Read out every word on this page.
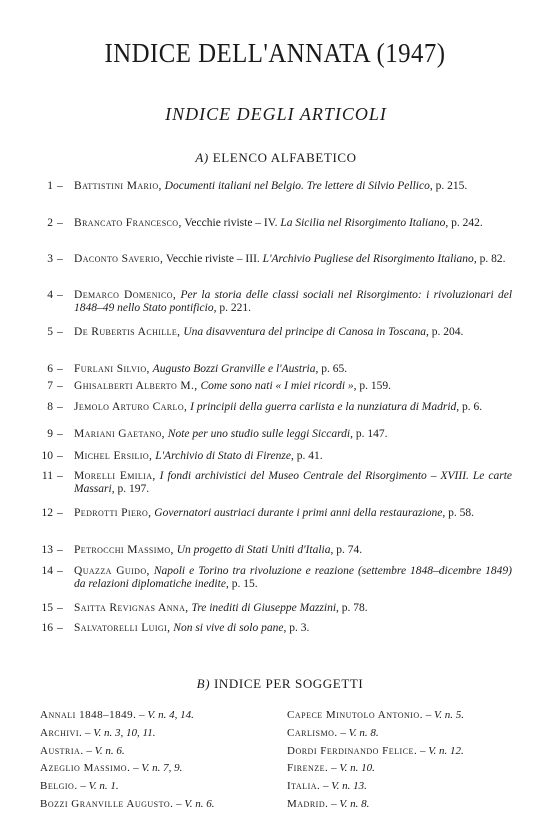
INDICE DELL'ANNATA (1947)
INDICE DEGLI ARTICOLI
A) ELENCO ALFABETICO
1 – Battistini Mario, Documenti italiani nel Belgio. Tre lettere di Silvio Pellico, p. 215.
2 – Brancato Francesco, Vecchie riviste – IV. La Sicilia nel Risorgimento Italiano, p. 242.
3 – Daconto Saverio, Vecchie riviste – III. L'Archivio Pugliese del Risorgimento Italiano, p. 82.
4 – Demarco Domenico, Per la storia delle classi sociali nel Risorgimento: i rivoluzionari del 1848–49 nello Stato pontificio, p. 221.
5 – De Rubertis Achille, Una disavventura del principe di Canosa in Toscana, p. 204.
6 – Furlani Silvio, Augusto Bozzi Granville e l'Austria, p. 65.
7 – Ghisalberti Alberto M., Come sono nati « I miei ricordi », p. 159.
8 – Jemolo Arturo Carlo, I principii della guerra carlista e la nunziatura di Madrid, p. 6.
9 – Mariani Gaetano, Note per uno studio sulle leggi Siccardi, p. 147.
10 – Michel Ersilio, L'Archivio di Stato di Firenze, p. 41.
11 – Morelli Emilia, I fondi archivistici del Museo Centrale del Risorgimento – XVIII. Le carte Massari, p. 197.
12 – Pedrotti Piero, Governatori austriaci durante i primi anni della restaurazione, p. 58.
13 – Petrocchi Massimo, Un progetto di Stati Uniti d'Italia, p. 74.
14 – Quazza Guido, Napoli e Torino tra rivoluzione e reazione (settembre 1848–dicembre 1849) da relazioni diplomatiche inedite, p. 15.
15 – Saitta Revignas Anna, Tre inediti di Giuseppe Mazzini, p. 78.
16 – Salvatorelli Luigi, Non si vive di solo pane, p. 3.
B) INDICE PER SOGGETTI
Annali 1848–1849. – V. n. 4, 14.
Archivi. – V. n. 3, 10, 11.
Austria. – V. n. 6.
Azeglio Massimo. – V. n. 7, 9.
Belgio. – V. n. 1.
Bozzi Granville Augusto. – V. n. 6.
Capece Minutolo Antonio. – V. n. 5.
Carlismo. – V. n. 8.
Dordi Ferdinando Felice. – V. n. 12.
Firenze. – V. n. 10.
Italia. – V. n. 13.
Madrid. – V. n. 8.
